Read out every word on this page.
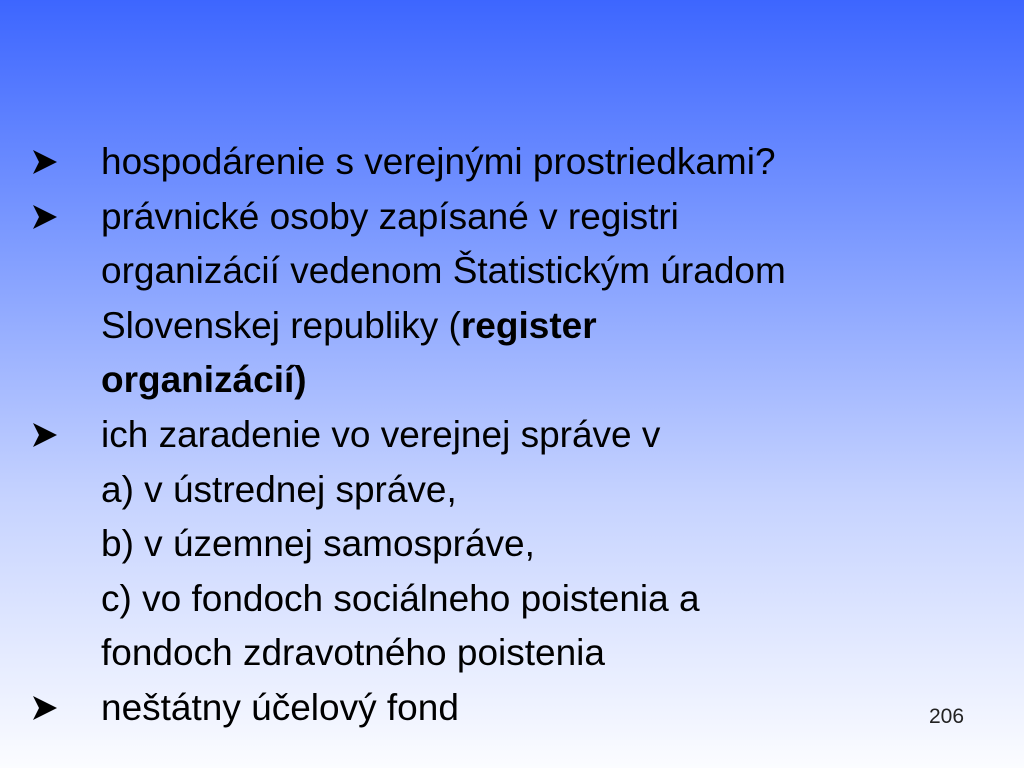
hospodárenie s verejnými prostriedkami?
právnické osoby zapísané v registri
organizácií vedenom Štatistickým úradom
Slovenskej republiky (register
organizácií)
ich zaradenie vo verejnej správe v
a) v ústrednej správe,
b) v územnej samospráve,
c) vo fondoch sociálneho poistenia a
fondoch zdravotného poistenia
neštátny účelový fond	206
